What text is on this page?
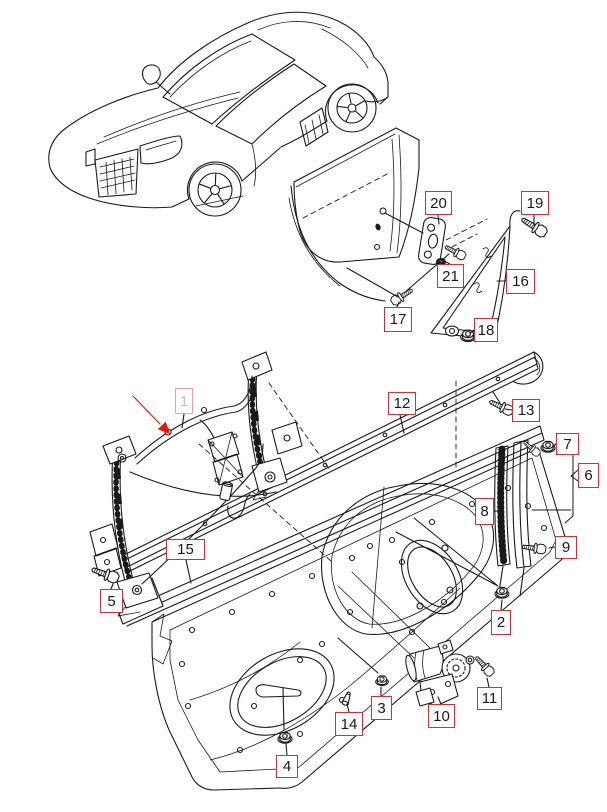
1
2
3
4
5
6
7
8
9
10
11
12	13
14
15
16
17
18
19
20
21
